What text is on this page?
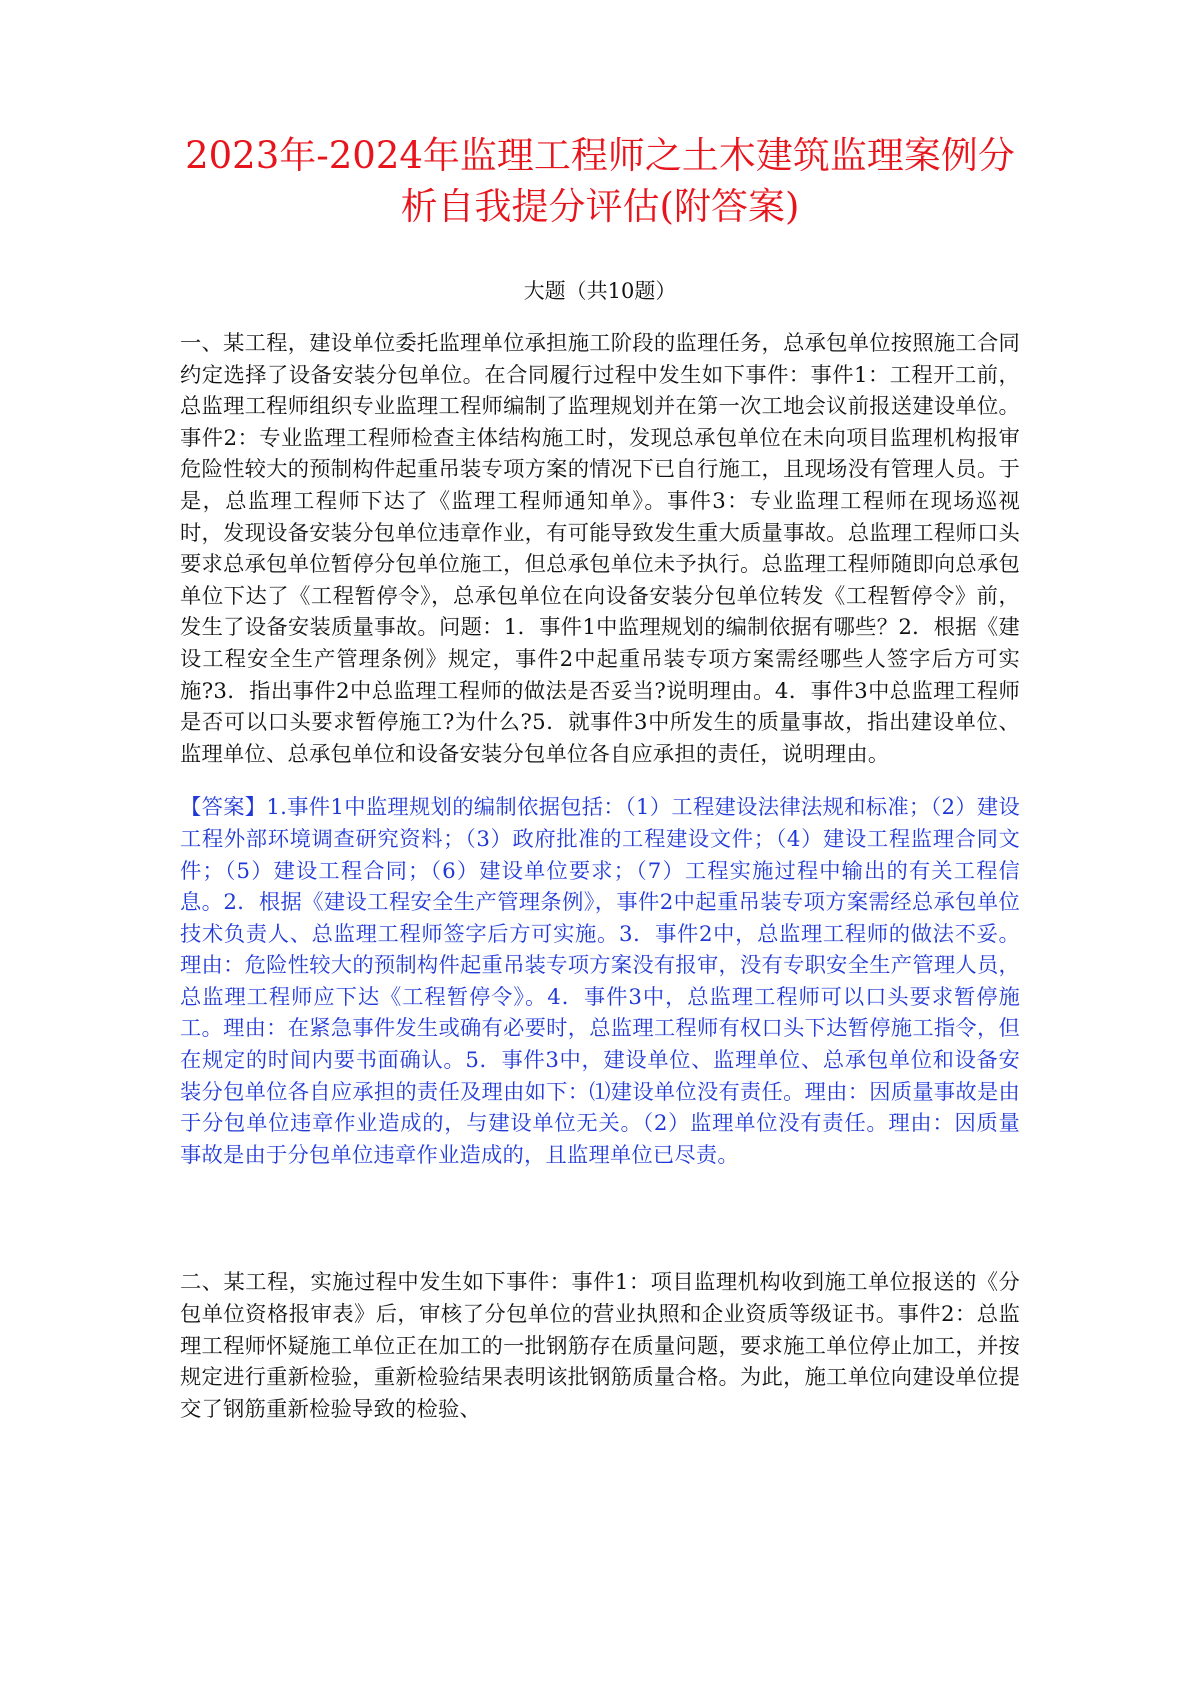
2023年-2024年监理工程师之土木建筑监理案例分析自我提分评估(附答案)
大题（共10题）

一、某工程，建设单位委托监理单位承担施工阶段的监理任务，总承包单位按照施工合同约定选择了设备安装分包单位。在合同履行过程中发生如下事件：事件1：工程开工前，总监理工程师组织专业监理工程师编制了监理规划并在第一次工地会议前报送建设单位。事件2：专业监理工程师检查主体结构施工时，发现总承包单位在未向项目监理机构报审危险性较大的预制构件起重吊装专项方案的情况下已自行施工，且现场没有管理人员。于是，总监理工程师下达了《监理工程师通知单》。事件3：专业监理工程师在现场巡视时，发现设备安装分包单位违章作业，有可能导致发生重大质量事故。总监理工程师口头要求总承包单位暂停分包单位施工，但总承包单位未予执行。总监理工程师随即向总承包单位下达了《工程暂停令》，总承包单位在向设备安装分包单位转发《工程暂停令》前，发生了设备安装质量事故。问题：1．事件1中监理规划的编制依据有哪些？2．根据《建设工程安全生产管理条例》规定，事件2中起重吊装专项方案需经哪些人签字后方可实施?3．指出事件2中总监理工程师的做法是否妥当?说明理由。4．事件3中总监理工程师是否可以口头要求暂停施工?为什么?5．就事件3中所发生的质量事故，指出建设单位、监理单位、总承包单位和设备安装分包单位各自应承担的责任，说明理由。

【答案】1.事件1中监理规划的编制依据包括：（1）工程建设法律法规和标准；（2）建设工程外部环境调查研究资料；（3）政府批准的工程建设文件；（4）建设工程监理合同文件；（5）建设工程合同；（6）建设单位要求；（7）工程实施过程中输出的有关工程信息。2．根据《建设工程安全生产管理条例》，事件2中起重吊装专项方案需经总承包单位技术负责人、总监理工程师签字后方可实施。3．事件2中，总监理工程师的做法不妥。理由：危险性较大的预制构件起重吊装专项方案没有报审，没有专职安全生产管理人员，总监理工程师应下达《工程暂停令》。4．事件3中，总监理工程师可以口头要求暂停施工。理由：在紧急事件发生或确有必要时，总监理工程师有权口头下达暂停施工指令，但在规定的时间内要书面确认。5．事件3中，建设单位、监理单位、总承包单位和设备安装分包单位各自应承担的责任及理由如下：⑴建设单位没有责任。理由：因质量事故是由于分包单位违章作业造成的，与建设单位无关。（2）监理单位没有责任。理由：因质量事故是由于分包单位违章作业造成的，且监理单位已尽责。

二、某工程，实施过程中发生如下事件：事件1：项目监理机构收到施工单位报送的《分包单位资格报审表》后，审核了分包单位的营业执照和企业资质等级证书。事件2：总监理工程师怀疑施工单位正在加工的一批钢筋存在质量问题，要求施工单位停止加工，并按规定进行重新检验，重新检验结果表明该批钢筋质量合格。为此，施工单位向建设单位提交了钢筋重新检验导致的检验、
